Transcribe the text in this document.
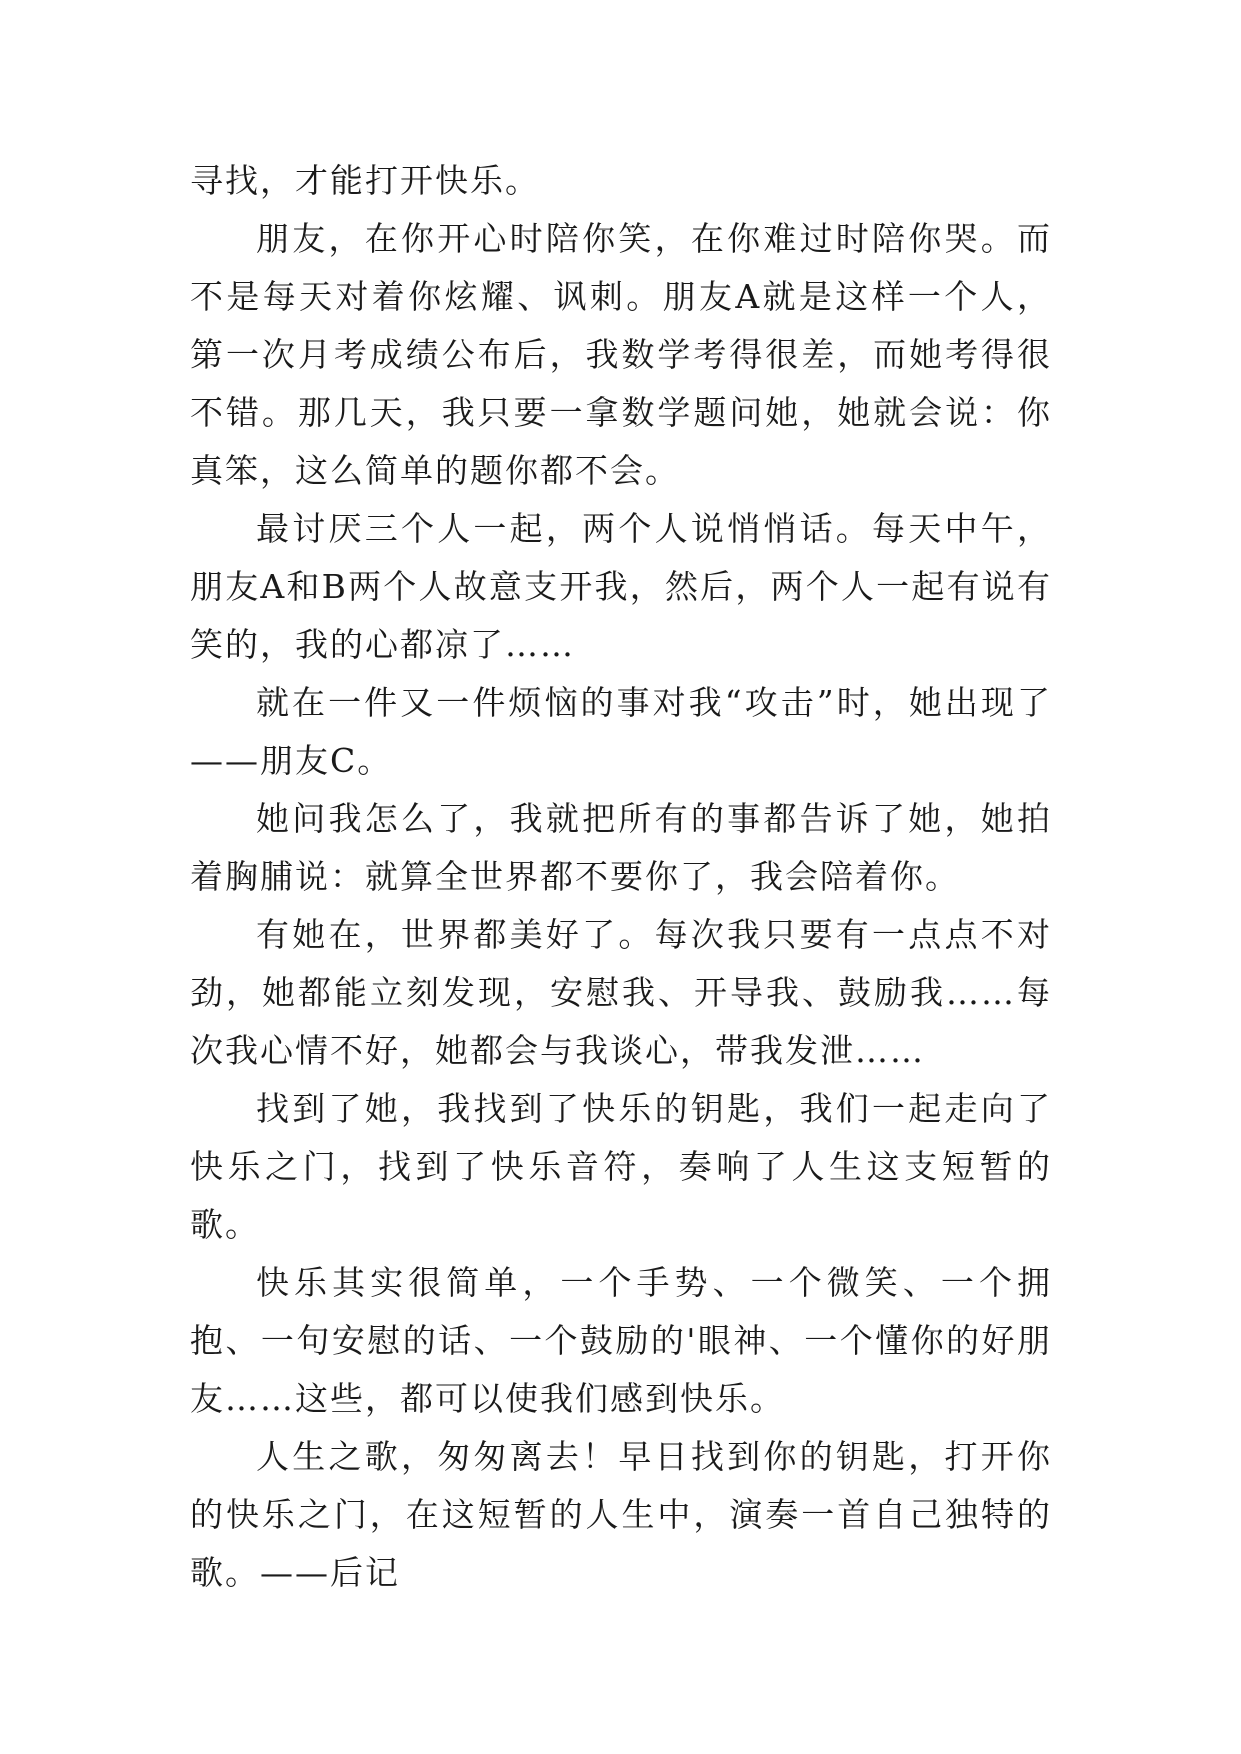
寻找，才能打开快乐。

朋友，在你开心时陪你笑，在你难过时陪你哭。而不是每天对着你炫耀、讽刺。朋友A就是这样一个人，第一次月考成绩公布后，我数学考得很差，而她考得很不错。那几天，我只要一拿数学题问她，她就会说：你真笨，这么简单的题你都不会。

最讨厌三个人一起，两个人说悄悄话。每天中午，朋友A和B两个人故意支开我，然后，两个人一起有说有笑的，我的心都凉了……

就在一件又一件烦恼的事对我“攻击”时，她出现了——朋友C。

她问我怎么了，我就把所有的事都告诉了她，她拍着胸脯说：就算全世界都不要你了，我会陪着你。

有她在，世界都美好了。每次我只要有一点点不对劲，她都能立刻发现，安慰我、开导我、鼓励我……每次我心情不好，她都会与我谈心，带我发泄……

找到了她，我找到了快乐的钥匙，我们一起走向了快乐之门，找到了快乐音符，奏响了人生这支短暂的歌。

快乐其实很简单，一个手势、一个微笑、一个拥抱、一句安慰的话、一个鼓励的'眼神、一个懂你的好朋友……这些，都可以使我们感到快乐。

人生之歌，匆匆离去！早日找到你的钥匙，打开你的快乐之门，在这短暂的人生中，演奏一首自己独特的歌。——后记
